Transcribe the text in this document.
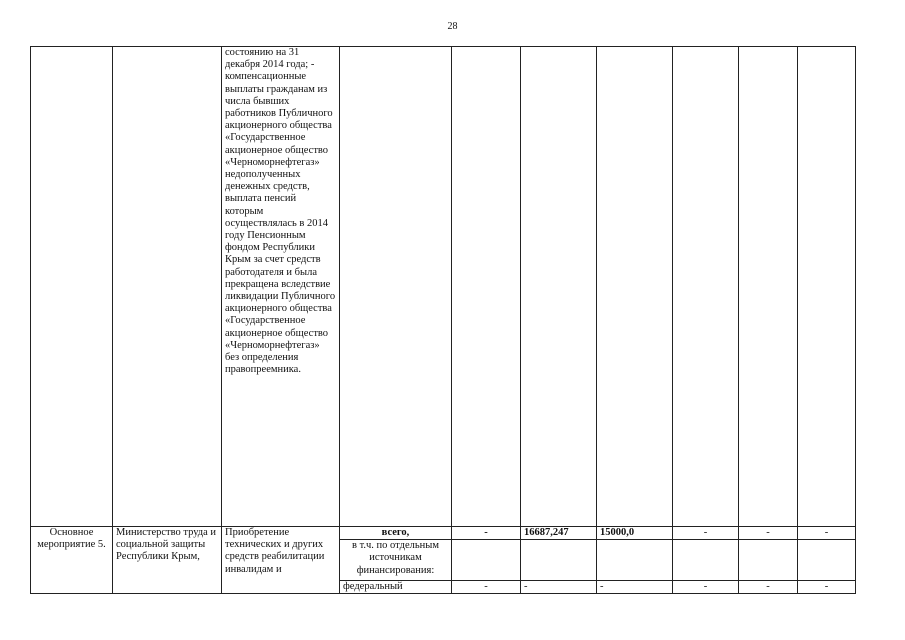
28
		состоянию на 31 декабря 2014 года; - компенсационные выплаты гражданам из числа бывших работников Публичного акционерного общества «Государственное акционерное общество «Черноморнефтегаз» недополученных денежных средств, выплата пенсий которым осуществлялась в 2014 году Пенсионным фондом Республики Крым за счет средств работодателя и была прекращена вследствие ликвидации Публичного акционерного общества «Государственное акционерное общество «Черноморнефтегаз» без определения правопреемника.							
Основное мероприятие 5.	Министерство труда и социальной защиты Республики Крым,	Приобретение технических и других средств реабилитации инвалидам и	всего,	-	16687,247	15000,0	-	-	-
			в т.ч. по отдельным источникам финансирования:						
			федеральный	-	-	-	-	-	-
